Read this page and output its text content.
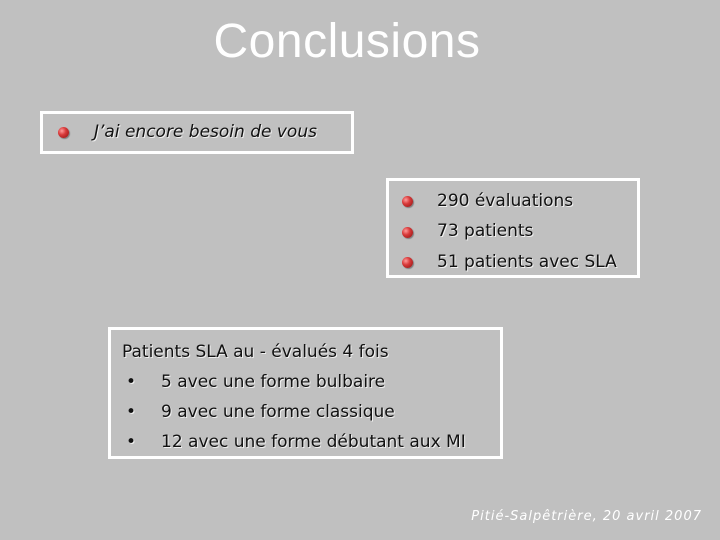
Conclusions
J’ai encore besoin de vous
290 évaluations
73 patients
51 patients avec SLA
Patients SLA au - évalués 4 fois
• 5 avec une forme bulbaire
• 9 avec une forme classique
• 12 avec une forme débutant aux MI
Pitié-Salpêtrière, 20 avril 2007
